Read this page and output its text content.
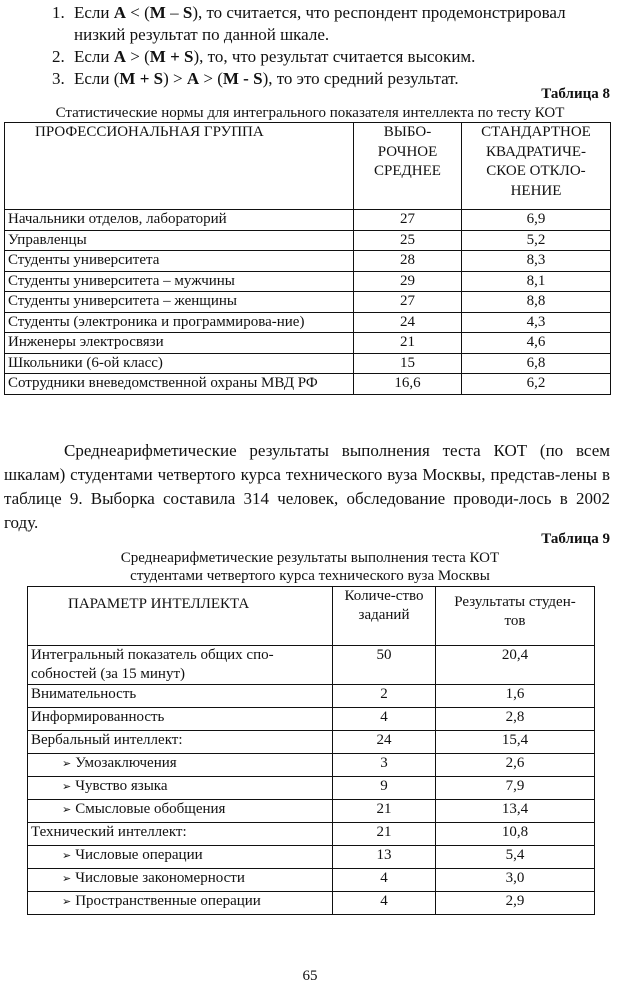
1. Если A < (M – S), то считается, что респондент продемонстрировал
низкий результат по данной шкале.
2. Если A > (M + S), то, что результат считается высоким.
3. Если (M + S) > A > (M - S), то это средний результат.
Таблица 8
Статистические нормы для интегрального показателя интеллекта по тесту КОТ
ПРОФЕССИОНАЛЬНАЯ ГРУППА	ВЫБО-РОЧНОЕ СРЕДНЕЕ	СТАНДАРТНОЕ КВАДРАТИЧЕ-СКОЕ ОТКЛО-НЕНИЕ
Начальники отделов, лабораторий	27	6,9
Управленцы	25	5,2
Студенты университета	28	8,3
Студенты университета – мужчины	29	8,1
Студенты университета – женщины	27	8,8
Студенты (электроника и программирова-ние)	24	4,3
Инженеры электросвязи	21	4,6
Школьники (6-ой класс)	15	6,8
Сотрудники вневедомственной охраны МВД РФ	16,6	6,2
Среднеарифметические результаты выполнения теста КОТ (по всем шкалам) студентами четвертого курса технического вуза Москвы, представ-лены в таблице 9. Выборка составила 314 человек, обследование проводи-лось в 2002 году.
Таблица 9
Среднеарифметические результаты выполнения теста КОТ
студентами четвертого курса технического вуза Москвы
ПАРАМЕТР ИНТЕЛЛЕКТА	Количе-ство заданий	Результаты студен-тов
Интегральный показатель общих спо-собностей (за 15 минут)	50	20,4
Внимательность	2	1,6
Информированность	4	2,8
Вербальный интеллект:	24	15,4
➢ Умозаключения	3	2,6
➢ Чувство языка	9	7,9
➢ Смысловые обобщения	21	13,4
Технический интеллект:	21	10,8
➢ Числовые операции	13	5,4
➢ Числовые закономерности	4	3,0
➢ Пространственные операции	4	2,9
65
